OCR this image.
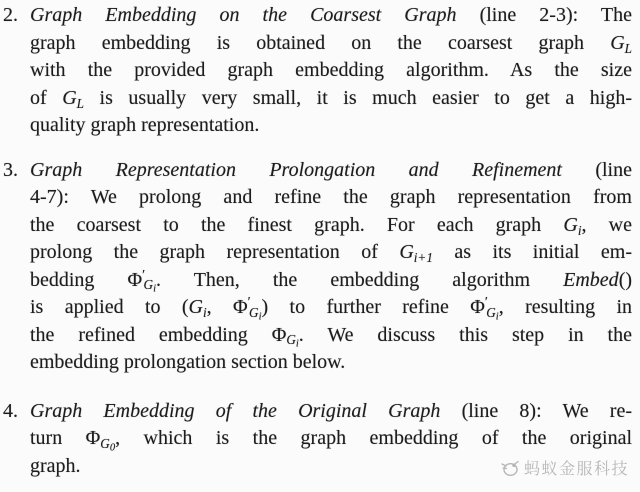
2. Graph Embedding on the Coarsest Graph (line 2-3): The
graph embedding is obtained on the coarsest graph $G_L$
with the provided graph embedding algorithm. As the size
of $G_L$ is usually very small, it is much easier to get a high-
quality graph representation.
3. Graph Representation Prolongation and Refinement (line
4-7): We prolong and refine the graph representation from
the coarsest to the finest graph. For each graph $G_i$, we
prolong the graph representation of $G_{i+1}$ as its initial em-
bedding $\Phi'_{G_i}$. Then, the embedding algorithm Embed()
is applied to ($G_i$, $\Phi'_{G_i}$) to further refine $\Phi'_{G_i}$, resulting in
the refined embedding $\Phi_{G_i}$. We discuss this step in the
embedding prolongation section below.
4. Graph Embedding of the Original Graph (line 8): We re-
turn $\Phi_{G_0}$, which is the graph embedding of the original
graph.	蚂蚁金服科技
